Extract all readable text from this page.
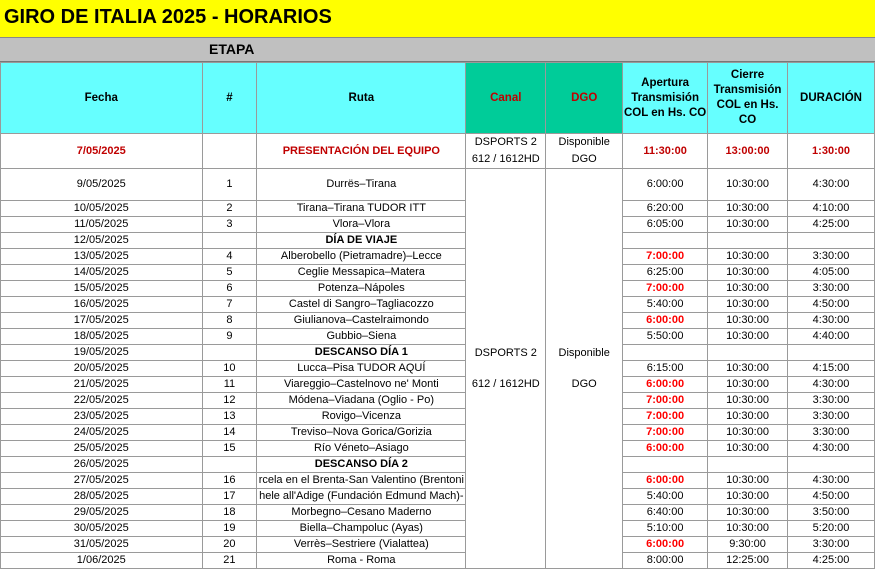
GIRO DE ITALIA 2025 - HORARIOS
ETAPA
Fecha	#	Ruta	Canal	DGO	Apertura Transmisión COL en Hs. CO	Cierre Transmisión COL en Hs. CO	DURACIÓN
7/05/2025		PRESENTACIÓN DEL EQUIPO	DSPORTS 2 612 / 1612HD	Disponible DGO	11:30:00	13:00:00	1:30:00
9/05/2025	1	Durrës–Tirana	DSPORTS 2 612 / 1612HD	Disponible DGO	6:00:00	10:30:00	4:30:00
10/05/2025	2	Tirana–Tirana TUDOR ITT			6:20:00	10:30:00	4:10:00
11/05/2025	3	Vlora–Vlora			6:05:00	10:30:00	4:25:00
12/05/2025		DÍA DE VIAJE					
13/05/2025	4	Alberobello (Pietramadre)–Lecce			7:00:00	10:30:00	3:30:00
14/05/2025	5	Ceglie Messapica–Matera			6:25:00	10:30:00	4:05:00
15/05/2025	6	Potenza–Nápoles			7:00:00	10:30:00	3:30:00
16/05/2025	7	Castel di Sangro–Tagliacozzo			5:40:00	10:30:00	4:50:00
17/05/2025	8	Giulianova–Castelraimondo			6:00:00	10:30:00	4:30:00
18/05/2025	9	Gubbio–Siena			5:50:00	10:30:00	4:40:00
19/05/2025		DESCANSO DÍA 1					
20/05/2025	10	Lucca–Pisa TUDOR AQUÍ			6:15:00	10:30:00	4:15:00
21/05/2025	11	Viareggio–Castelnovo ne' Monti			6:00:00	10:30:00	4:30:00
22/05/2025	12	Módena–Viadana (Oglio - Po)			7:00:00	10:30:00	3:30:00
23/05/2025	13	Rovigo–Vicenza			7:00:00	10:30:00	3:30:00
24/05/2025	14	Treviso–Nova Gorica/Gorizia			7:00:00	10:30:00	3:30:00
25/05/2025	15	Río Véneto–Asiago			6:00:00	10:30:00	4:30:00
26/05/2025		DESCANSO DÍA 2					
27/05/2025	16	rcela en el Brenta-San Valentino (Brentoni			6:00:00	10:30:00	4:30:00
28/05/2025	17	hele all'Adige (Fundación Edmund Mach)-			5:40:00	10:30:00	4:50:00
29/05/2025	18	Morbegno–Cesano Maderno			6:40:00	10:30:00	3:50:00
30/05/2025	19	Biella–Champoluc (Ayas)			5:10:00	10:30:00	5:20:00
31/05/2025	20	Verrès–Sestriere (Vialattea)			6:00:00	9:30:00	3:30:00
1/06/2025	21	Roma - Roma			8:00:00	12:25:00	4:25:00
